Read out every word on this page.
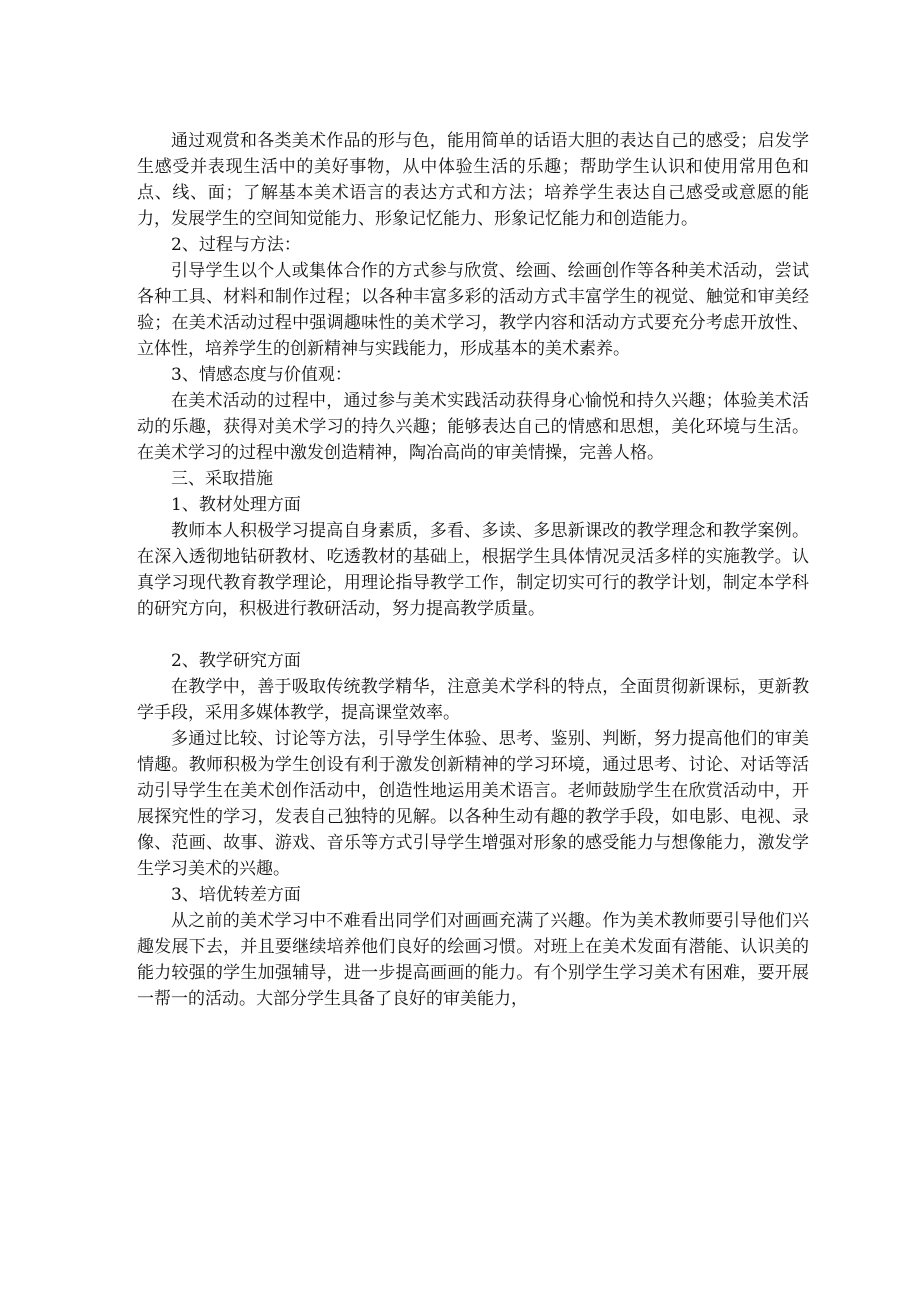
通过观赏和各类美术作品的形与色，能用简单的话语大胆的表达自己的感受；启发学生感受并表现生活中的美好事物，从中体验生活的乐趣；帮助学生认识和使用常用色和点、线、面；了解基本美术语言的表达方式和方法；培养学生表达自己感受或意愿的能力，发展学生的空间知觉能力、形象记忆能力、形象记忆能力和创造能力。

2、过程与方法：

引导学生以个人或集体合作的方式参与欣赏、绘画、绘画创作等各种美术活动，尝试各种工具、材料和制作过程；以各种丰富多彩的活动方式丰富学生的视觉、触觉和审美经验；在美术活动过程中强调趣味性的美术学习，教学内容和活动方式要充分考虑开放性、立体性，培养学生的创新精神与实践能力，形成基本的美术素养。

3、情感态度与价值观：

在美术活动的过程中，通过参与美术实践活动获得身心愉悦和持久兴趣；体验美术活动的乐趣，获得对美术学习的持久兴趣；能够表达自己的情感和思想，美化环境与生活。在美术学习的过程中激发创造精神，陶冶高尚的审美情操，完善人格。

三、采取措施

1、教材处理方面

教师本人积极学习提高自身素质，多看、多读、多思新课改的教学理念和教学案例。在深入透彻地钻研教材、吃透教材的基础上，根据学生具体情况灵活多样的实施教学。认真学习现代教育教学理论，用理论指导教学工作，制定切实可行的教学计划，制定本学科的研究方向，积极进行教研活动，努力提高教学质量。

2、教学研究方面

在教学中，善于吸取传统教学精华，注意美术学科的特点，全面贯彻新课标，更新教学手段，采用多媒体教学，提高课堂效率。

多通过比较、讨论等方法，引导学生体验、思考、鉴别、判断，努力提高他们的审美情趣。教师积极为学生创设有利于激发创新精神的学习环境，通过思考、讨论、对话等活动引导学生在美术创作活动中，创造性地运用美术语言。老师鼓励学生在欣赏活动中，开展探究性的学习，发表自己独特的见解。以各种生动有趣的教学手段，如电影、电视、录像、范画、故事、游戏、音乐等方式引导学生增强对形象的感受能力与想像能力，激发学生学习美术的兴趣。

3、培优转差方面

从之前的美术学习中不难看出同学们对画画充满了兴趣。作为美术教师要引导他们兴趣发展下去，并且要继续培养他们良好的绘画习惯。对班上在美术发面有潜能、认识美的能力较强的学生加强辅导，进一步提高画画的能力。有个别学生学习美术有困难，要开展一帮一的活动。大部分学生具备了良好的审美能力，
